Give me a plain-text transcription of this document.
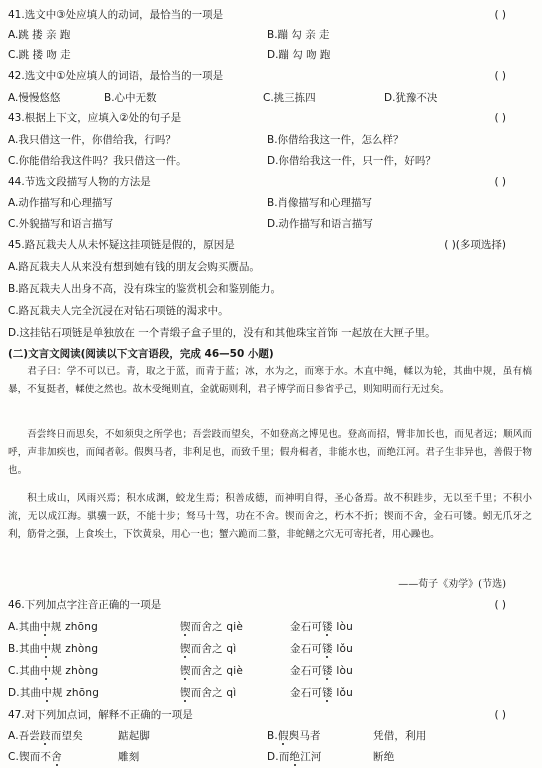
41.选文中③处应填人的动词，最恰当的一项是	( )
A.跳 搂 亲 跑	B.蹦 勾 亲 走
C.跳 搂 吻 走	D.蹦 勾 吻 跑
42.选文中①处应填人的词语，最恰当的一项是	( )
A.慢慢悠悠	B.心中无数	C.挑三拣四	D.犹豫不决
43.根据上下文，应填入②处的句子是	( )
A.我只借这一件，你借给我，行吗？	B.你借给我这一件，怎么样？
C.你能借给我这件吗？我只借这一件。	D.你借给我这一件，只一件，好吗？
44.节选文段描写人物的方法是	( )
A.动作描写和心理描写	B.肖像描写和心理描写
C.外貌描写和语言描写	D.动作描写和语言描写
45.路瓦栽夫人从未怀疑这挂项链是假的，原因是	( )(多项选择)
A.路瓦栽夫人从来没有想到她有钱的朋友会购买赝品。
B.路瓦栽夫人出身不高，没有珠宝的鉴赏机会和鉴别能力。
C.路瓦栽夫人完全沉浸在对钻石项链的渴求中。
D.这挂钻石项链是单独放在 一个青缎子盒子里的，没有和其他珠宝首饰 一起放在大匣子里。
(二)文言文阅读(阅读以下文言语段，完成 46—50 小题)

君子曰：学不可以已。青，取之于蓝，而青于蓝；冰，水为之，而寒于水。木直中绳，輮以为轮，其曲中规，虽有槁暴，不复挺者，輮使之然也。故木受绳则直，金就砺则利，君子博学而日参省乎己，则知明而行无过矣。

吾尝终日而思矣，不如须臾之所学也；吾尝跂而望矣，不如登高之博见也。登高而招，臂非加长也，而见者远；顺风而呼，声非加疾也，而闻者彰。假舆马者，非利足也，而致千里；假舟楫者，非能水也，而绝江河。君子生非异也，善假于物也。

积土成山，风雨兴焉；积水成渊，蛟龙生焉；积善成德，而神明自得，圣心备焉。故不积跬步，无以至千里；不积小流，无以成江海。骐骥一跃，不能十步；驽马十驾，功在不舍。锲而舍之，朽木不折；锲而不舍，金石可镂。蚓无爪牙之利，筋骨之强，上食埃土，下饮黄泉，用心一也；蟹六跪而二螯，非蛇鳝之穴无可寄托者，用心躁也。

——荀子《劝学》(节选)
46.下列加点字注音正确的一项是	( )
A.其曲中规 zhōng	锲而舍之 qiè	金石可镂 lòu
B.其曲中规 zhòng	锲而舍之 qì	金石可镂 lǒu
C.其曲中规 zhòng	锲而舍之 qiè	金石可镂 lòu
D.其曲中规 zhōng	锲而舍之 qì	金石可镂 lǒu
47.对下列加点词，解释不正确的一项是	( )
A.吾尝跂而望矣	踮起脚	B.假舆马者	凭借，利用
C.锲而不舍	雕刻	D.而绝江河	断绝
